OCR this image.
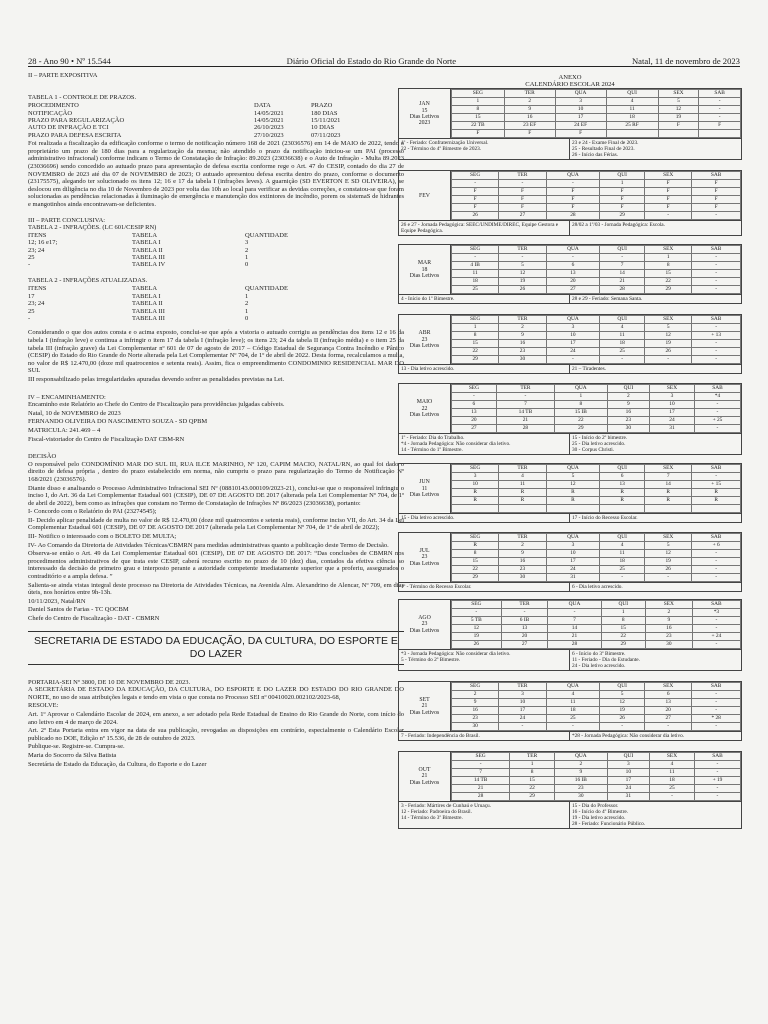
28 - Ano 90 • Nº 15.544	Diário Oficial do Estado do Rio Grande do Norte	Natal, 11 de novembro de 2023
II – PARTE EXPOSITIVA
TABELA 1 - CONTROLE DE PRAZOS.
PROCEDIMENTO	DATA	PRAZO
NOTIFICAÇÃO	14/05/2021	180 DIAS
PRAZO PARA REGULARIZAÇÃO	14/05/2021	15/11/2021
AUTO DE INFRAÇÃO E TCI	26/10/2023	10 DIAS
PRAZO PARA DEFESA ESCRITA	27/10/2023	07/11/2023
Foi realizada a fiscalização da edificação conforme o termo de notificação número 168 de 2021 (23036576) em 14 de MAIO de 2022, tendo o proprietário um prazo de 180 dias para a regularização da mesma; não atendido o prazo da notificação iniciou-se um PAI (processo administrativo infracional) conforme indicam o Termo de Constatação de Infração: 89.2023 (23036638) e o Auto de Infração - Multa 89.2023 (23036696) sendo concedido ao autuado prazo para apresentação de defesa escrita conforme rege o Art. 47 do CESIP, contado do dia 27 de NOVEMBRO de 2023 até dia 07 de NOVEMBRO de 2023; O autuado apresentou defesa escrita dentro do prazo, conforme o documento (23175575), alegando ter solucionado os itens 12; 16 e 17 da tabela I (infrações leves). A guarnição (SD EVERTON E SD OLIVEIRA), se deslocou em diligência no dia 10 de Novembro de 2023 por volta das 10h ao local para verificar as devidas correções, e constatou-se que foram solucionadas as pendências relacionadas à iluminação de emergência e manutenção dos extintores de incêndio, porem os sistemaS de hidrantes e mangotinhos ainda encontravam-se deficientes.
III – PARTE CONCLUSIVA:
TABELA 2 - INFRAÇÕES. (LC 601/CESIP RN)
ITENS	TABELA	QUANTIDADE
12; 16 e17;	TABELA I	3
23; 24	TABELA II	2
25	TABELA III	1
-	TABELA IV	0
TABELA 2 - INFRAÇÕES ATUALIZADAS.
ITENS	TABELA	QUANTIDADE
17	TABELA I	1
23; 24	TABELA II	2
25	TABELA III	1
-	TABELA III	0
Considerando o que dos autos consta e o acima exposto, conclui-se que após a vistoria o autuado corrigiu as pendências dos itens 12 e 16 da tabela I (infração leve) e continua a infringir o item 17 da tabela I (infração leve); os itens 23; 24 da tabela II (infração média) e o item 25 da tabela III (infração grave) da Lei Complementar nº 601 de 07 de agosto de 2017 – Código Estadual de Segurança Contra Incêndio e Pânico (CESIP) do Estado do Rio Grande do Norte alterada pela Lei Complementar Nº 704, de 1º de abril de 2022. Desta forma, recalculamos a multa, no valor de R$ 12.470,00 (doze mil quatrocentos e setenta reais). Assim, fica o empreendimento CONDOMINIO RESIDENCIAL MAR DO SUL
III responsabilizado pelas irregularidades apuradas devendo sofrer as penalidades previstas na Lei.
IV – ENCAMINHAMENTO:
Encaminho este Relatório ao Chefe do Centro de Fiscalização para providências julgadas cabíveis.
Natal, 10 de NOVEMBRO de 2023
FERNANDO OLIVEIRA DO NASCIMENTO SOUZA - SD QPBM
MATRICULA: 241.469 – 4
Fiscal-vistoriador do Centro de Fiscalização DAT CBM-RN
DECISÃO
O responsável pelo CONDOMÍNIO MAR DO SUL III, RUA ILCE MARINHO, Nº 120, CAPIM MACIO, NATAL/RN, ao qual foi dado o direito de defesa própria , dentro do prazo estabelecido em norma, não cumpriu o prazo para regularização do Termo de Notificação Nº 168/2021 (23036576).
Diante disso e analisando o Processo Administrativo Infracional SEI Nº (08810143.000109/2023-21), conclui-se que o responsável infringiu o inciso I, do Art. 36 da Lei Complementar Estadual 601 (CESIP), DE 07 DE AGOSTO DE 2017 (alterada pela Lei Complementar Nº 704, de 1º de abril de 2022), bem como as infrações que constam no Termo de Constatação de Infrações Nº 86/2023 (23036638), portanto:
I- Concordo com o Relatório do PAI (23274545);
II- Decido aplicar penalidade de multa no valor de R$ 12.470,00 (doze mil quatrocentos e setenta reais), conforme inciso VII, do Art. 34 da Lei Complementar Estadual 601 (CESIP), DE 07 DE AGOSTO DE 2017 (alterada pela Lei Complementar Nº 704, de 1º de abril de 2022);
III- Notifico o interessado com o BOLETO DE MULTA;
IV- Ao Comando da Diretoria de Atividades Técnicas/CBMRN para medidas administrativas quanto a publicação deste Termo de Decisão.
Observa-se então o Art. 49 da Lei Complementar Estadual 601 (CESIP), DE 07 DE AGOSTO DE 2017: “Das conclusões de CBMRN nos procedimentos administrativos de que trata este CESIP, caberá recurso escrito no prazo de 10 (dez) dias, contados da efetiva ciência ao interessado da decisão de primeiro grau e interposto perante a autoridade competente imediatamente superior que a proferiu, assegurados o contraditório e a ampla defesa. ”
Salienta-se ainda vistas integral deste processo na Diretoria de Atividades Técnicas, na Avenida Alm. Alexandrino de Alencar, Nº 709, em dias úteis, nos horários entre 9h-13h.
10/11/2023, Natal/RN
Daniel Santos de Farias - TC QOCBM
Chefe do Centro de Fiscalização - DAT - CBMRN
SECRETARIA DE ESTADO DA EDUCAÇÃO, DA CULTURA, DO ESPORTE E DO LAZER
PORTARIA-SEI Nº 3800, DE 10 DE NOVEMBRO DE 2023.
A SECRETÁRIA DE ESTADO DA EDUCAÇÃO, DA CULTURA, DO ESPORTE E DO LAZER DO ESTADO DO RIO GRANDE DO NORTE, no uso de suas atribuições legais e tendo em vista o que consta no Processo SEI nº 00410020.002102/2023-68,
RESOLVE:
Art. 1º Aprovar o Calendário Escolar de 2024, em anexo, a ser adotado pela Rede Estadual de Ensino do Rio Grande do Norte, com início do ano letivo em 4 de março de 2024.
Art. 2º Esta Portaria entra em vigor na data de sua publicação, revogadas as disposições em contrário, especialmente o Calendário Escolar publicado no DOE, Edição nº 15.536, de 28 de outubro de 2023.
Publique-se. Registre-se. Cumpra-se.
Maria do Socorro da Silva Batista
Secretária de Estado da Educação, da Cultura, do Esporte e do Lazer
ANEXO
CALENDÁRIO ESCOLAR 2024
JAN
15
Dias Letivos
2023
SEG	TER	QUA	QUI	SEX	SAB
1	2	3	4	5	-
8	9	10	11	12	-
15	16	17	18	19	-
22 TB	23 EF	24 EF	25 RF	F	F
F	F	F			
1º - Feriado: Confraternização Universal.
22 - Término do 4º Bimestre de 2023.
23 e 24 - Exame Final de 2023.
25 - Resultado Final de 2023.
26 - Início das Férias.
FEV
SEG	TER	QUA	QUI	SEX	SAB
-	-	-	1	F	F
F	F	F	F	F	F
F	F	F	F	F	F
F	F	F	F	F	F
26	27	28	29	-	-
26 e 27 - Jornada Pedagógica: SEEC/UNDIME/DIREC, Equipe Gestora e Equipe Pedagógica.
28/02 a 1º/03 - Jornada Pedagógica: Escola.
MAR
18
Dias Letivos
SEG	TER	QUA	QUI	SEX	SAB
-	-	-	-	1	-
4 IB	5	6	7	8	-
11	12	13	14	15	-
18	19	20	21	22	-
25	26	27	28	29	-
4 - Início do 1º Bimestre.	28 e 29 - Feriado: Semana Santa.
ABR
23
Dias Letivos
SEG	TER	QUA	QUI	SEX	SAB
1	2	3	4	5	-
8	9	10	11	12	+ 13
15	16	17	18	19	-
22	23	24	25	26	-
29	30	-	-	-	-
13 - Dia letivo acrescido.	21 – Tiradentes.
MAIO
22
Dias Letivos
SEG	TER	QUA	QUI	SEX	SAB
-	-	1	2	3	*4
6	7	8	9	10	-
13	14 TB	15 IB	16	17	-
20	21	22	23	24	+ 25
27	28	29	30	31	-
1º - Feriado: Dia do Trabalho.
*4 - Jornada Pedagógica: Não considerar dia letivo.
14 - Término do 1º Bimestre.
15 - Início do 2º bimestre.
25 - Dia letivo acrescido.
30 - Corpus Christi.
JUN
11
Dias Letivos
SEG	TER	QUA	QUI	SEX	SAB
3	4	5	6	7	-
10	11	12	13	14	+ 15
R	R	R	R	R	R
R	R	R	R	R	R

15 - Dia letivo acrescido.	17 - Início do Recesso Escolar.
JUL
23
Dias Letivos
SEG	TER	QUA	QUI	SEX	SAB
R	2	3	4	5	+ 6
8	9	10	11	12	-
15	16	17	18	19	-
22	23	24	25	26	-
29	30	31	-	-	-
1º - Término do Recesso Escolar.	6 - Dia letivo acrescido.
AGO
23
Dias Letivos
SEG	TER	QUA	QUI	SEX	SAB
-	-	-	1	2	*3
5 TB	6 IB	7	8	9	-
12	13	14	15	16	-
19	20	21	22	23	+ 24
26	27	28	29	30	-
*3 - Jornada Pedagógica: Não considerar dia letivo.
5 - Término do 2º Bimestre.
6 - Início do 3º Bimestre.
11 - Feriado - Dia do Estudante.
24 - Dia letivo acrescido.
SET
21
Dias Letivos
SEG	TER	QUA	QUI	SEX	SAB
2	3	4	5	6	-
9	10	11	12	13	-
16	17	18	19	20	-
23	24	25	26	27	* 28
30	-	-	-	-	-
7 - Feriado: Independência do Brasil.	*28 - Jornada Pedagógica: Não considerar dia letivo.
OUT
21
Dias Letivos
SEG	TER	QUA	QUI	SEX	SAB
-	1	2	3	4	-
7	8	9	10	11	-
14 TB	15	16 IB	17	18	+ 19
21	22	23	24	25	-
28	29	30	31	-	-
3 - Feriado: Mártires de Cunhaú e Uruaçu.
12 - Feriado: Padroeira do Brasil.
14 - Término do 3º Bimestre.
15 - Dia do Professor.
16 - Início do 4º Bimestre.
19 - Dia letivo acrescido.
28 - Feriado: Funcionário Público.
